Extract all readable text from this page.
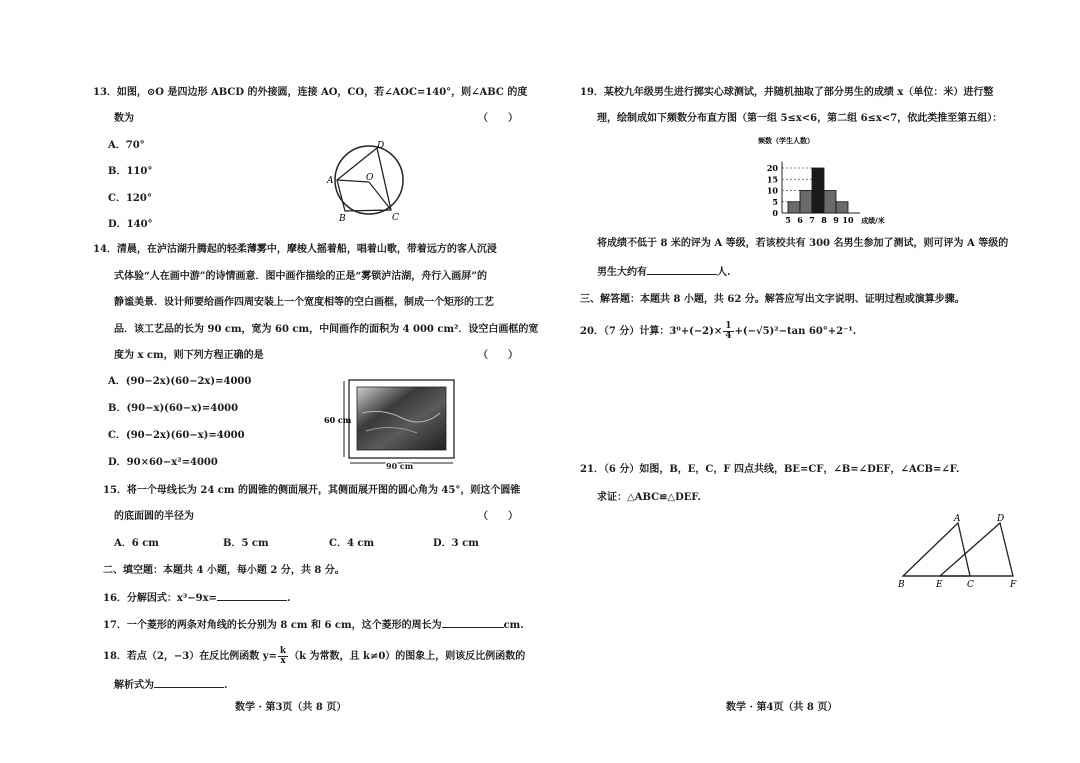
13．如图，⊙O 是四边形 ABCD 的外接圆，连接 AO，CO，若∠AOC=140°，则∠ABC 的度
数为	（　　）
A．70°
B．110°
C．120°
D．140°
D
A	O
B	C
14．清晨，在泸沽湖升腾起的轻柔薄雾中，摩梭人摇着船，唱着山歌，带着远方的客人沉浸
式体验“人在画中游”的诗情画意．图中画作描绘的正是“雾锁泸沽湖，舟行入画屏”的
静谧美景．设计师要给画作四周安装上一个宽度相等的空白画框，制成一个矩形的工艺
品．该工艺品的长为 90 cm，宽为 60 cm，中间画作的面积为 4 000 cm²．设空白画框的宽
度为 x cm，则下列方程正确的是	（　　）
A．(90−2x)(60−2x)=4000
B．(90−x)(60−x)=4000
C．(90−2x)(60−x)=4000
D．90×60−x²=4000
60 cm
90 cm
15．将一个母线长为 24 cm 的圆锥的侧面展开，其侧面展开图的圆心角为 45°，则这个圆锥
的底面圆的半径为	（　　）
A．6 cm	B．5 cm	C．4 cm	D．3 cm
二、填空题：本题共 4 小题，每小题 2 分，共 8 分。
16．分解因式：x³−9x=	.
17．一个菱形的两条对角线的长分别为 8 cm 和 6 cm，这个菱形的周长为	cm.
18．若点（2，−3）在反比例函数 $y= \frac{k}{x} (k$ 为常数，且 k≠0）的图象上，则该反比例函数的
解析式为	.
数学 · 第3页（共 8 页）
19．某校九年级男生进行掷实心球测试，并随机抽取了部分男生的成绩 x（单位：米）进行整
理，绘制成如下频数分布直方图（第一组 5≤x<6，第二组 6≤x<7，依此类推至第五组）：
0
5
10
15
20
5 6 7 8 9 10 成绩/米
频数（学生人数）
将成绩不低于 8 米的评为 A 等级，若该校共有 300 名男生参加了测试，则可评为 A 等级的
男生大约有	人.
三、解答题：本题共 8 小题，共 62 分。解答应写出文字说明、证明过程或演算步骤。
20．（7 分）计算：$3^0+(-2)\times \frac{1}{4} +(-√5)^2-\tan$ 60°+2⁻¹.
21．（6 分）如图，B，E，C，F 四点共线，BE=CF，∠B=∠DEF，∠ACB=∠F.
求证：△ABC≌△DEF.
A	D
B	E	C	F
数学 · 第4页（共 8 页）
